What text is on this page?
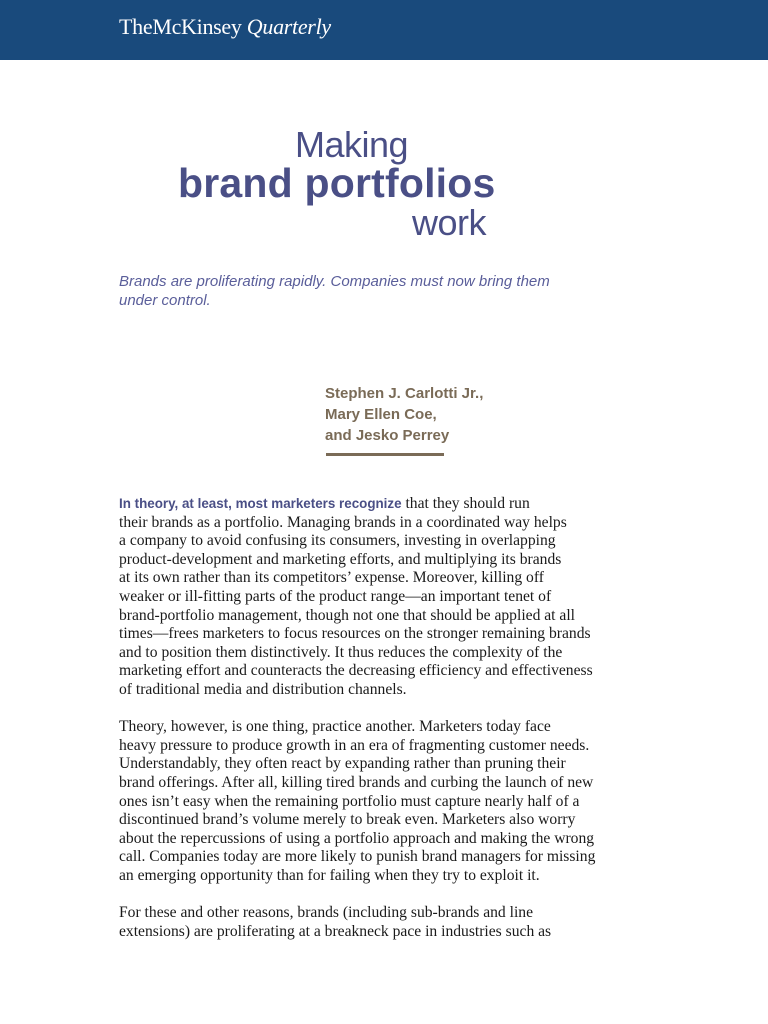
TheMcKinsey Quarterly
Making
brand portfolios
work
Brands are proliferating rapidly. Companies must now bring them
under control.
Stephen J. Carlotti Jr.,
Mary Ellen Coe,
and Jesko Perrey

In theory, at least, most marketers recognize that they should run
their brands as a portfolio. Managing brands in a coordinated way helps
a company to avoid confusing its consumers, investing in overlapping
product-development and marketing efforts, and multiplying its brands
at its own rather than its competitors’ expense. Moreover, killing off
weaker or ill-fitting parts of the product range—an important tenet of
brand-portfolio management, though not one that should be applied at all
times—frees marketers to focus resources on the stronger remaining brands
and to position them distinctively. It thus reduces the complexity of the
marketing effort and counteracts the decreasing efficiency and effectiveness
of traditional media and distribution channels.

Theory, however, is one thing, practice another. Marketers today face
heavy pressure to produce growth in an era of fragmenting customer needs.
Understandably, they often react by expanding rather than pruning their
brand offerings. After all, killing tired brands and curbing the launch of new
ones isn’t easy when the remaining portfolio must capture nearly half of a
discontinued brand’s volume merely to break even. Marketers also worry
about the repercussions of using a portfolio approach and making the wrong
call. Companies today are more likely to punish brand managers for missing
an emerging opportunity than for failing when they try to exploit it.

For these and other reasons, brands (including sub-brands and line
extensions) are proliferating at a breakneck pace in industries such as
